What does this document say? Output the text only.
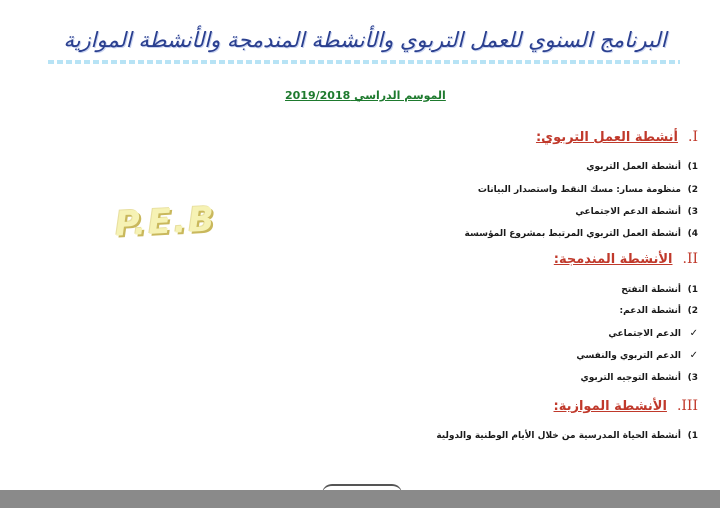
البرنامج السنوي للعمل التربوي والأنشطة المندمجة والأنشطة الموازية
الموسم الدراسي 2019/2018
P.E.B
I.
أنشطة العمل التربوي:
1)
أنشطة العمل التربوي
2)
منظومة مسار: مسك النقط واستصدار البيانات
3)
أنشطة الدعم الاجتماعي
4)
أنشطة العمل التربوي المرتبط بمشروع المؤسسة
II.
الأنشطة المندمجة:
1)
أنشطة التفتح
2)
أنشطة الدعم:
✓
الدعم الاجتماعي
✓
الدعم التربوي والنفسي
3)
أنشطة التوجيه التربوي
III.
الأنشطة الموازية:
1)
أنشطة الحياة المدرسية من خلال الأيام الوطنية والدولية
